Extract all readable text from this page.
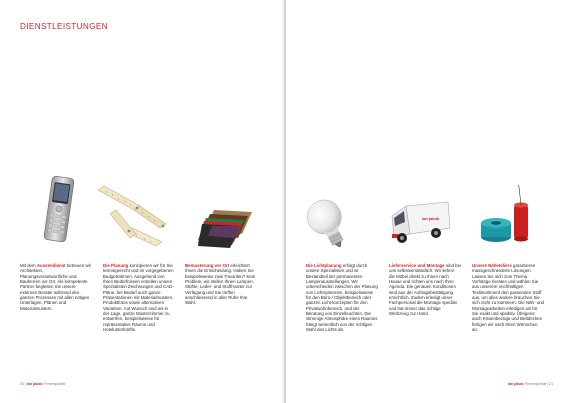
DIENSTLEISTUNGEN
Mit dem Aussendienst betreuen wir Architekten, Planungsverantwortliche und Bauherren vor Ort. Als kompetente Partner begleiten Sie unsere externen Berater während des ganzen Prozesses mit allen nötigen Unterlagen, Plänen und Materialmustern.
Die Planung konzipieren wir für Sie termingerecht und im vorgegebenen Budgetrahmen. Ausgehend von Ihren Bedürfnissen erstellen unsere Spezialisten Zeichnungen und CAD-Pläne, bei Bedarf auch ganze Präsentationen mit Materialmustern, Produktfotos sowie alternativen Varianten. Auf Wunsch sind wir in der Lage, ganze Musterzimmer zu entwerfen, beispielsweise für repräsentative Räume und Hotelunterkünfte.
Bemusterung vor Ort erleichtert Ihnen die Entscheidung. Haben Sie beispielsweise zwei Favoriten? Kein Problem, wir stellen Ihnen Lampen, Stühle, Leder- und Stoffmuster zur Verfügung und Sie treffen anschliessend in aller Ruhe Ihre Wahl.
20 | lan jakob Firmenporträt
lan jakob
Die Lichtplanung erfolgt durch unsere Spezialisten und ist Bestandteil der permanenten Lampenausstellungen. Wir unterscheiden zwischen der Planung von Lichtsystemen, beispielsweise für den Büro-/ Objektbereich oder ganzen Licht-konzepten für den Privatwohnbereich, und der Beratung von Einzelleuchten. Die stimmige Atmosphäre eines Raumes hängt wesentlich von der richtigen Wahl des Lichts ab.
Lieferservice und Montage sind bei uns selbstverständlich. Wir liefern die Möbel direkt zu Ihnen nach Hause und richten uns nach Ihrer Agenda. Die genauen Konditionen sind aus der Auftragsbestätigung ersichtlich. Zudem erledigt unser Fachpersonal die Montage speditiv und hat immer das richtige Werkzeug zur Hand.
Unsere Näheteliers garantieren massgeschneiderte Lösungen. Lassen Sie sich zum Thema Vorhänge beraten und wählen Sie aus unserem reichhaltigen Textilsortiment den passenden Stoff aus, um alles andere brauchen Sie sich nicht zu kümmern. Die Näh- und Montagearbeiten erledigen wir für Sie exakt und speditiv. Übrigens: auch Kissenbezüge und Bettdecken fertigen wir nach Ihren Wünschen an.
lan jakob Firmenporträt | 21
